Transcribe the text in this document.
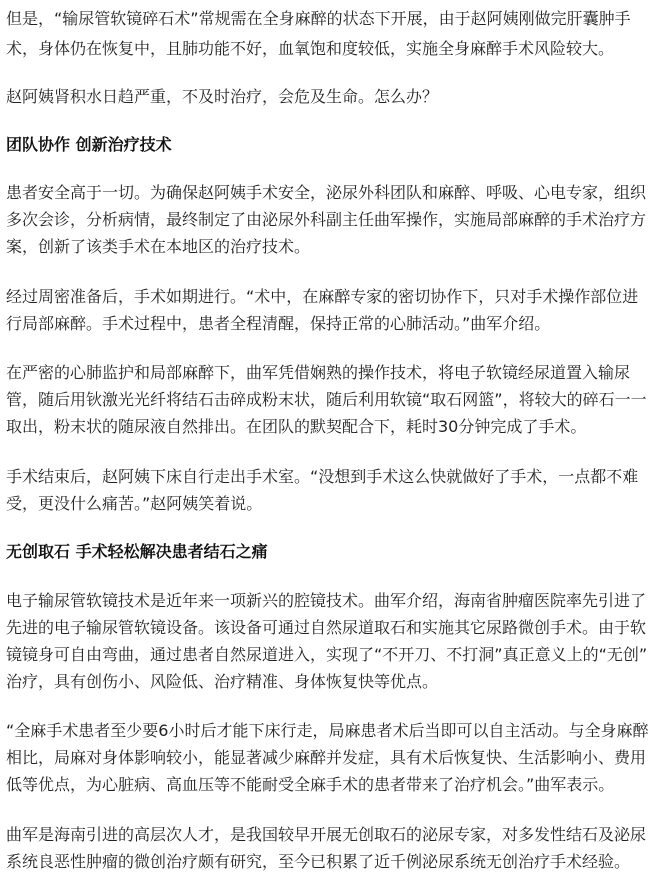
但是，“输尿管软镜碎石术”常规需在全身麻醉的状态下开展，由于赵阿姨刚做完肝囊肿手
术，身体仍在恢复中，且肺功能不好，血氧饱和度较低，实施全身麻醉手术风险较大。
赵阿姨肾积水日趋严重，不及时治疗，会危及生命。怎么办？
团队协作 创新治疗技术
患者安全高于一切。为确保赵阿姨手术安全，泌尿外科团队和麻醉、呼吸、心电专家，组织
多次会诊，分析病情，最终制定了由泌尿外科副主任曲军操作，实施局部麻醉的手术治疗方
案，创新了该类手术在本地区的治疗技术。
经过周密准备后，手术如期进行。“术中，在麻醉专家的密切协作下，只对手术操作部位进
行局部麻醉。手术过程中，患者全程清醒，保持正常的心肺活动。”曲军介绍。
在严密的心肺监护和局部麻醉下，曲军凭借娴熟的操作技术，将电子软镜经尿道置入输尿
管，随后用钬激光光纤将结石击碎成粉末状，随后利用软镜“取石网篮”，将较大的碎石一一
取出，粉末状的随尿液自然排出。在团队的默契配合下，耗时30分钟完成了手术。
手术结束后，赵阿姨下床自行走出手术室。“没想到手术这么快就做好了手术，一点都不难
受，更没什么痛苦。”赵阿姨笑着说。
无创取石 手术轻松解决患者结石之痛
电子输尿管软镜技术是近年来一项新兴的腔镜技术。曲军介绍，海南省肿瘤医院率先引进了
先进的电子输尿管软镜设备。该设备可通过自然尿道取石和实施其它尿路微创手术。由于软
镜镜身可自由弯曲，通过患者自然尿道进入，实现了“不开刀、不打洞”真正意义上的“无创”
治疗，具有创伤小、风险低、治疗精准、身体恢复快等优点。
“全麻手术患者至少要6小时后才能下床行走，局麻患者术后当即可以自主活动。与全身麻醉
相比，局麻对身体影响较小，能显著减少麻醉并发症，具有术后恢复快、生活影响小、费用
低等优点，为心脏病、高血压等不能耐受全麻手术的患者带来了治疗机会。”曲军表示。
曲军是海南引进的高层次人才，是我国较早开展无创取石的泌尿专家，对多发性结石及泌尿
系统良恶性肿瘤的微创治疗颇有研究，至今已积累了近千例泌尿系统无创治疗手术经验。
